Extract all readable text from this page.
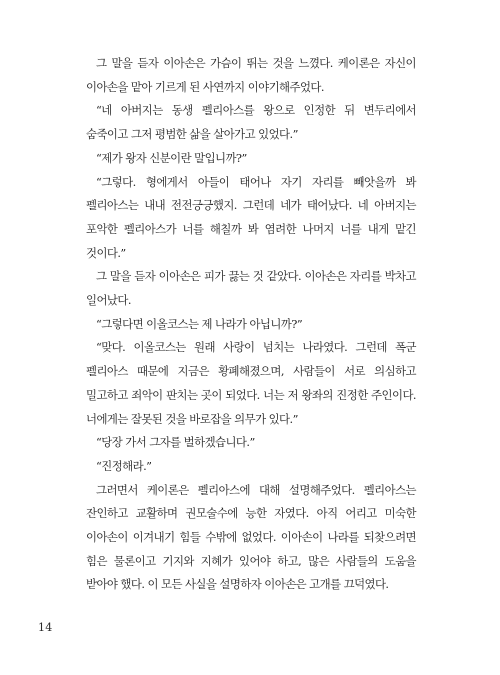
그 말을 듣자 이아손은 가슴이 뛰는 것을 느꼈다. 케이론은 자신이 이아손을 맡아 기르게 된 사연까지 이야기해주었다.

“네 아버지는 동생 펠리아스를 왕으로 인정한 뒤 변두리에서 숨죽이고 그저 평범한 삶을 살아가고 있었다.”

“제가 왕자 신분이란 말입니까?”

“그렇다. 형에게서 아들이 태어나 자기 자리를 빼앗을까 봐 펠리아스는 내내 전전긍긍했지. 그런데 네가 태어났다. 네 아버지는 포악한 펠리아스가 너를 해칠까 봐 염려한 나머지 너를 내게 맡긴 것이다.”

그 말을 듣자 이아손은 피가 끓는 것 같았다. 이아손은 자리를 박차고 일어났다.

“그렇다면 이올코스는 제 나라가 아닙니까?”

“맞다. 이올코스는 원래 사랑이 넘치는 나라였다. 그런데 폭군 펠리아스 때문에 지금은 황폐해졌으며, 사람들이 서로 의심하고 밀고하고 죄악이 판치는 곳이 되었다. 너는 저 왕좌의 진정한 주인이다. 너에게는 잘못된 것을 바로잡을 의무가 있다.”

“당장 가서 그자를 벌하겠습니다.”

“진정해라.”

그러면서 케이론은 펠리아스에 대해 설명해주었다. 펠리아스는 잔인하고 교활하며 권모술수에 능한 자였다. 아직 어리고 미숙한 이아손이 이겨내기 힘들 수밖에 없었다. 이아손이 나라를 되찾으려면 힘은 물론이고 기지와 지혜가 있어야 하고, 많은 사람들의 도움을 받아야 했다. 이 모든 사실을 설명하자 이아손은 고개를 끄덕였다.

14
